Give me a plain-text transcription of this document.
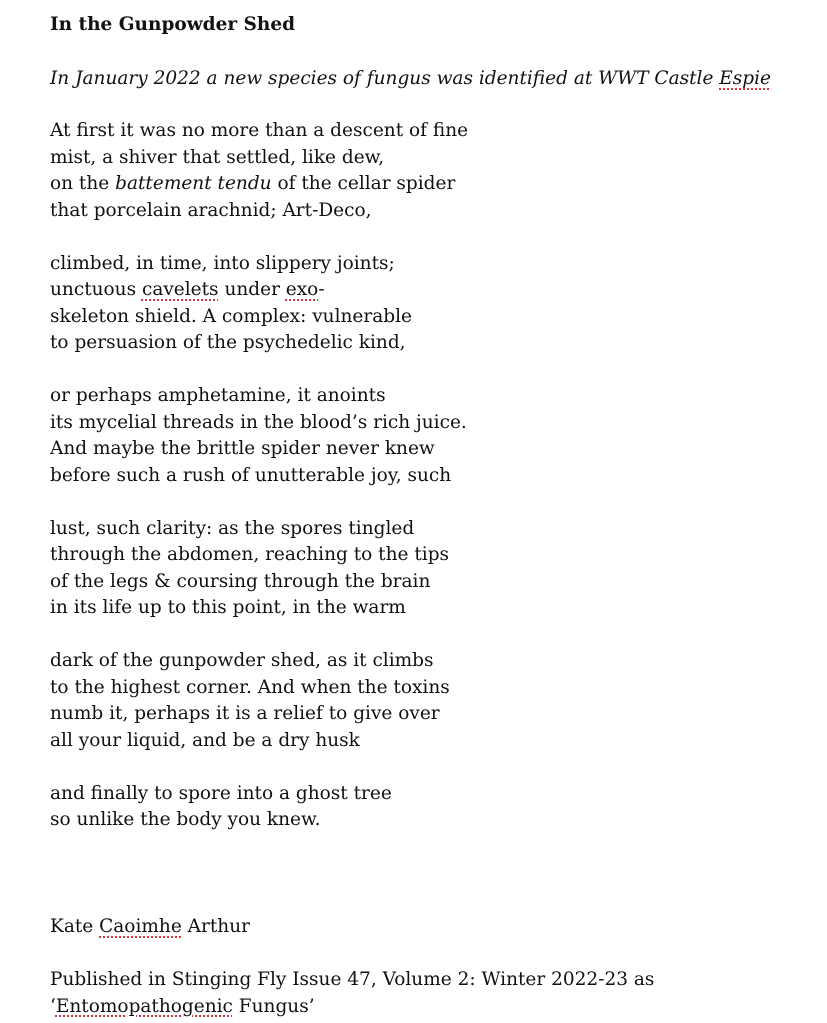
In the Gunpowder Shed

In January 2022 a new species of fungus was identified at WWT Castle Espie

At first it was no more than a descent of fine
mist, a shiver that settled, like dew,
on the battement tendu of the cellar spider
that porcelain arachnid; Art-Deco,

climbed, in time, into slippery joints;
unctuous cavelets under exo-
skeleton shield. A complex: vulnerable
to persuasion of the psychedelic kind,

or perhaps amphetamine, it anoints
its mycelial threads in the blood’s rich juice.
And maybe the brittle spider never knew
before such a rush of unutterable joy, such

lust, such clarity: as the spores tingled
through the abdomen, reaching to the tips
of the legs & coursing through the brain
in its life up to this point, in the warm

dark of the gunpowder shed, as it climbs
to the highest corner. And when the toxins
numb it, perhaps it is a relief to give over
all your liquid, and be a dry husk

and finally to spore into a ghost tree
so unlike the body you knew.

Kate Caoimhe Arthur

Published in Stinging Fly Issue 47, Volume 2: Winter 2022-23 as ‘Entomopathogenic Fungus’
